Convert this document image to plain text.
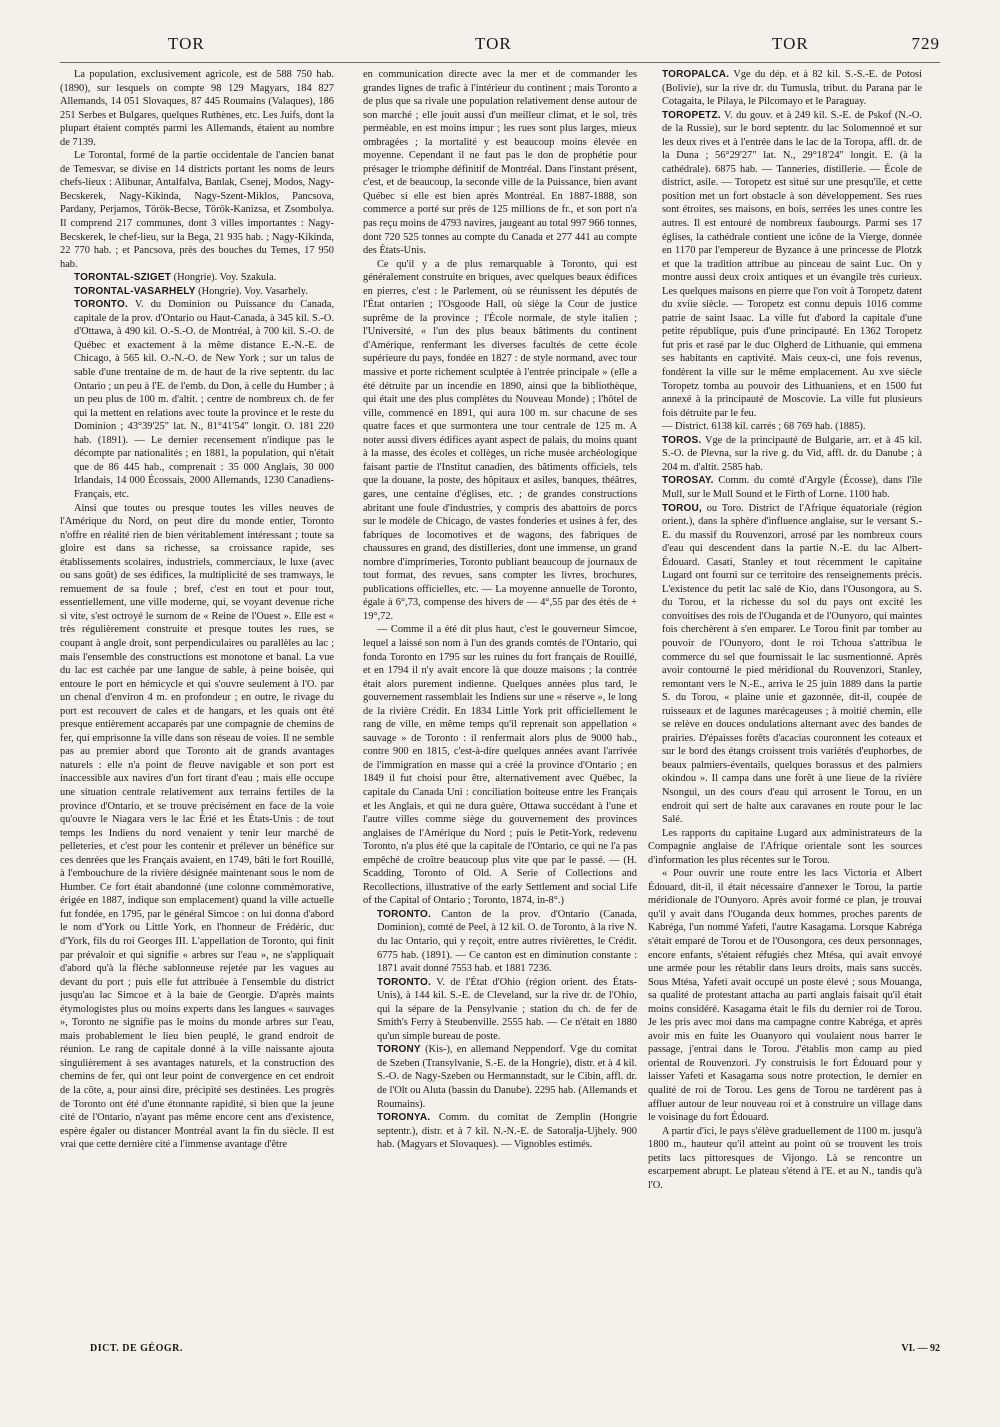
TOR	TOR	TOR	729

La population, exclusivement agricole, est de 588 750 hab. (1890), sur lesquels on compte 98 129 Magyars, 184 827 Allemands, 14 051 Slovaques, 87 445 Roumains (Valaques), 186 251 Serbes et Bulgares, quelques Ruthènes, etc. Les Juifs, dont la plupart étaient comptés parmi les Allemands, étaient au nombre de 7139.

Le Torontal, formé de la partie occidentale de l'ancien banat de Temesvar, se divise en 14 districts portant les noms de leurs chefs-lieux : Alibunar, Antalfalva, Banlak, Csenej, Modos, Nagy-Becskerek, Nagy-Kikinda, Nagy-Szent-Miklos, Pancsova, Pardany, Perjamos, Török-Becse, Török-Kanizsa, et Zsombolya. Il comprend 217 communes, dont 3 villes importantes : Nagy-Becskerek, le chef-lieu, sur la Bega, 21 935 hab. ; Nagy-Kikinda, 22 770 hab. ; et Pancsova, près des bouches du Temes, 17 950 hab.

TORONTAL-SZIGET (Hongrie). Voy. Szakula.

TORONTAL-VASARHELY (Hongrie). Voy. Vasarhely.

TORONTO. V. du Dominion ou Puissance du Canada, capitale de la prov. d'Ontario ou Haut-Canada, à 345 kil. S.-O. d'Ottawa, à 490 kil. O.-S.-O. de Montréal, à 700 kil. S.-O. de Québec et exactement à la même distance E.-N.-E. de Chicago, à 565 kil. O.-N.-O. de New York ; sur un talus de sable d'une trentaine de m. de haut de la rive septentr. du lac Ontario ; un peu à l'E. de l'emb. du Don, à celle du Humber ; à un peu plus de 100 m. d'altit. ; centre de nombreux ch. de fer qui la mettent en relations avec toute la province et le reste du Dominion ; 43°39'25" lat. N., 81°41'54" longit. O. 181 220 hab. (1891). — Le dernier recensement n'indique pas le décompte par nationalités ; en 1881, la population, qui n'était que de 86 445 hab., comprenait : 35 000 Anglais, 30 000 Irlandais, 14 000 Écossais, 2000 Allemands, 1230 Canadiens-Français, etc.

Ainsi que toutes ou presque toutes les villes neuves de l'Amérique du Nord, on peut dire du monde entier, Toronto n'offre en réalité rien de bien véritablement intéressant ; toute sa gloire est dans sa richesse, sa croissance rapide, ses établissements scolaires, industriels, commerciaux, le luxe (avec ou sans goût) de ses édifices, la multiplicité de ses tramways, le remuement de sa foule ; bref, c'est en tout et pour tout, essentiellement, une ville moderne, qui, se voyant devenue riche si vite, s'est octroyé le surnom de « Reine de l'Ouest ». Elle est « très régulièrement construite et presque toutes les rues, se coupant à angle droit, sont perpendiculaires ou parallèles au lac ; mais l'ensemble des constructions est monotone et banal. La vue du lac est cachée par une langue de sable, à peine boisée, qui entoure le port en hémicycle et qui s'ouvre seulement à l'O. par un chenal d'environ 4 m. en profondeur ; en outre, le rivage du port est recouvert de cales et de hangars, et les quais ont été presque entièrement accaparés par une compagnie de chemins de fer, qui emprisonne la ville dans son réseau de voies. Il ne semble pas au premier abord que Toronto ait de grands avantages naturels : elle n'a point de fleuve navigable et son port est inaccessible aux navires d'un fort tirant d'eau ; mais elle occupe une situation centrale relativement aux terrains fertiles de la province d'Ontario, et se trouve précisément en face de la voie qu'ouvre le Niagara vers le lac Érié et les États-Unis : de tout temps les Indiens du nord venaient y tenir leur marché de pelleteries, et c'est pour les contenir et prélever un bénéfice sur ces denrées que les Français avaient, en 1749, bâti le fort Rouillé, à l'embouchure de la rivière désignée maintenant sous le nom de Humber. Ce fort était abandonné (une colonne commémorative, érigée en 1887, indique son emplacement) quand la ville actuelle fut fondée, en 1795, par le général Simcoe : on lui donna d'abord le nom d'York ou Little York, en l'honneur de Frédéric, duc d'York, fils du roi Georges III. L'appellation de Toronto, qui finit par prévaloir et qui signifie « arbres sur l'eau », ne s'appliquait d'abord qu'à la flèche sablonneuse rejetée par les vagues au devant du port ; puis elle fut attribuée à l'ensemble du district jusqu'au lac Simcoe et à la baie de Georgie. D'après maints étymologistes plus ou moins experts dans les langues « sauvages », Toronto ne signifie pas le moins du monde arbres sur l'eau, mais probablement le lieu bien peuplé, le grand endroit de réunion. Le rang de capitale donné à la ville naissante ajouta singulièrement à ses avantages naturels, et la construction des chemins de fer, qui ont leur point de convergence en cet endroit de la côte, a, pour ainsi dire, précipité ses destinées. Les progrès de Toronto ont été d'une étonnante rapidité, si bien que la jeune cité de l'Ontario, n'ayant pas même encore cent ans d'existence, espère égaler ou distancer Montréal avant la fin du siècle. Il est vrai que cette dernière cité a l'immense avantage d'être

en communication directe avec la mer et de commander les grandes lignes de trafic à l'intérieur du continent ; mais Toronto a de plus que sa rivale une population relativement dense autour de son marché ; elle jouit aussi d'un meilleur climat, et le sol, très perméable, en est moins impur ; les rues sont plus larges, mieux ombragées ; la mortalité y est beaucoup moins élevée en moyenne. Cependant il ne faut pas le don de prophétie pour présager le triomphe définitif de Montréal. Dans l'instant présent, c'est, et de beaucoup, la seconde ville de la Puissance, bien avant Québec si elle est bien après Montréal. En 1887-1888, son commerce a porté sur près de 125 millions de fr., et son port n'a pas reçu moins de 4793 navires, jaugeant au total 997 966 tonnes, dont 720 525 tonnes au compte du Canada et 277 441 au compte des États-Unis.

Ce qu'il y a de plus remarquable à Toronto, qui est généralement construite en briques, avec quelques beaux édifices en pierres, c'est : le Parlement, où se réunissent les députés de l'État ontarien ; l'Osgoode Hall, où siège la Cour de justice suprême de la province ; l'École normale, de style italien ; l'Université, « l'un des plus beaux bâtiments du continent d'Amérique, renfermant les diverses facultés de cette école supérieure du pays, fondée en 1827 : de style normand, avec tour massive et porte richement sculptée à l'entrée principale » (elle a été détruite par un incendie en 1890, ainsi que la bibliothèque, qui était une des plus complètes du Nouveau Monde) ; l'hôtel de ville, commencé en 1891, qui aura 100 m. sur chacune de ses quatre faces et que surmontera une tour centrale de 125 m. A noter aussi divers édifices ayant aspect de palais, du moins quant à la masse, des écoles et collèges, un riche musée archéologique faisant partie de l'Institut canadien, des bâtiments officiels, tels que la douane, la poste, des hôpitaux et asiles, banques, théâtres, gares, une centaine d'églises, etc. ; de grandes constructions abritant une foule d'industries, y compris des abattoirs de porcs sur le modèle de Chicago, de vastes fonderies et usines à fer, des fabriques de locomotives et de wagons, des fabriques de chaussures en grand, des distilleries, dont une immense, un grand nombre d'imprimeries, Toronto publiant beaucoup de journaux de tout format, des revues, sans compter les livres, brochures, publications officielles, etc. — La moyenne annuelle de Toronto, égale à 6°,73, compense des hivers de — 4°,55 par des étés de + 19°,72.

— Comme il a été dit plus haut, c'est le gouverneur Simcoe, lequel a laissé son nom à l'un des grands comtés de l'Ontario, qui fonda Toronto en 1795 sur les ruines du fort français de Rouillé, et en 1794 il n'y avait encore là que douze maisons ; la contrée était alors purement indienne. Quelques années plus tard, le gouvernement rassemblait les Indiens sur une « réserve », le long de la rivière Crédit. En 1834 Little York prit officiellement le rang de ville, en même temps qu'il reprenait son appellation « sauvage » de Toronto : il renfermait alors plus de 9000 hab., contre 900 en 1815, c'est-à-dire quelques années avant l'arrivée de l'immigration en masse qui a créé la province d'Ontario ; en 1849 il fut choisi pour être, alternativement avec Québec, la capitale du Canada Uni : conciliation boiteuse entre les Français et les Anglais, et qui ne dura guère, Ottawa succédant à l'une et l'autre villes comme siège du gouvernement des provinces anglaises de l'Amérique du Nord ; puis le Petit-York, redevenu Toronto, n'a plus été que la capitale de l'Ontario, ce qui ne l'a pas empêché de croître beaucoup plus vite que par le passé. — (H. Scadding, Toronto of Old. A Serie of Collections and Recollections, illustrative of the early Settlement and social Life of the Capital of Ontario ; Toronto, 1874, in-8°.)

TORONTO. Canton de la prov. d'Ontario (Canada, Dominion), comté de Peel, à 12 kil. O. de Toronto, à la rive N. du lac Ontario, qui y reçoit, entre autres rivièrettes, le Crédit. 6775 hab. (1891). — Ce canton est en diminution constante : 1871 avait donné 7553 hab. et 1881 7236.

TORONTO. V. de l'État d'Ohio (région orient. des États-Unis), à 144 kil. S.-E. de Cleveland, sur la rive dr. de l'Ohio, qui la sépare de la Pensylvanie ; station du ch. de fer de Smith's Ferry à Steubenville. 2555 hab. — Ce n'était en 1880 qu'un simple bureau de poste.

TORONY (Kis-), en allemand Neppendorf. Vge du comitat de Szeben (Transylvanie, S.-E. de la Hongrie), distr. et à 4 kil. S.-O. de Nagy-Szeben ou Hermannstadt, sur le Cibin, affl. dr. de l'Olt ou Aluta (bassin du Danube). 2295 hab. (Allemands et Roumains).

TORONYA. Comm. du comitat de Zemplin (Hongrie septentr.), distr. et à 7 kil. N.-N.-E. de Satoralja-Ujhely. 900 hab. (Magyars et Slovaques). — Vignobles estimés.

TOROPALCA. Vge du dép. et à 82 kil. S.-S.-E. de Potosi (Bolivie), sur la rive dr. du Tumusla, tribut. du Parana par le Cotagaita, le Pilaya, le Pilcomayo et le Paraguay.

TOROPETZ. V. du gouv. et à 249 kil. S.-E. de Pskof (N.-O. de la Russie), sur le bord septentr. du lac Solomennoé et sur les deux rives et à l'entrée dans le lac de la Toropa, affl. dr. de la Duna ; 56°29'27" lat. N., 29°18'24" longit. E. (à la cathédrale). 6875 hab. — Tanneries, distillerie. — École de district, asile. — Toropetz est situé sur une presqu'île, et cette position met un fort obstacle à son développement. Ses rues sont étroites, ses maisons, en bois, serrées les unes contre les autres. Il est entouré de nombreux faubourgs. Parmi ses 17 églises, la cathédrale contient une icône de la Vierge, donnée en 1170 par l'empereur de Byzance à une princesse de Plotzk et que la tradition attribue au pinceau de saint Luc. On y montre aussi deux croix antiques et un évangile très curieux. Les quelques maisons en pierre que l'on voit à Toropetz datent du xviie siècle. — Toropetz est connu depuis 1016 comme patrie de saint Isaac. La ville fut d'abord la capitale d'une petite république, puis d'une principauté. En 1362 Toropetz fut pris et rasé par le duc Olgherd de Lithuanie, qui emmena ses habitants en captivité. Mais ceux-ci, une fois revenus, fondèrent la ville sur le même emplacement. Au xve siècle Toropetz tomba au pouvoir des Lithuaniens, et en 1500 fut annexé à la principauté de Moscovie. La ville fut plusieurs fois détruite par le feu.

— District. 6138 kil. carrés ; 68 769 hab. (1885).

TOROS. Vge de la principauté de Bulgarie, arr. et à 45 kil. S.-O. de Plevna, sur la rive g. du Vid, affl. dr. du Danube ; à 204 m. d'altit. 2585 hab.

TOROSAY. Comm. du comté d'Argyle (Écosse), dans l'île Mull, sur le Mull Sound et le Firth of Lorne. 1100 hab.

TOROU, ou Toro. District de l'Afrique équatoriale (région orient.), dans la sphère d'influence anglaise, sur le versant S.-E. du massif du Rouvenzori, arrosé par les nombreux cours d'eau qui descendent dans la partie N.-E. du lac Albert-Édouard. Casati, Stanley et tout récemment le capitaine Lugard ont fourni sur ce territoire des renseignements précis. L'existence du petit lac salé de Kio, dans l'Ousongora, au S. du Torou, et la richesse du sol du pays ont excité les convoitises des rois de l'Ouganda et de l'Ounyoro, qui maintes fois cherchèrent à s'en emparer. Le Torou finit par tomber au pouvoir de l'Ounyoro, dont le roi Tchoua s'attribua le commerce du sel que fournissait le lac susmentionné. Après avoir contourné le pied méridional du Rouvenzori, Stanley, remontant vers le N.-E., arriva le 25 juin 1889 dans la partie S. du Torou, « plaine unie et gazonnée, dit-il, coupée de ruisseaux et de lagunes marécageuses ; à moitié chemin, elle se relève en douces ondulations alternant avec des bandes de prairies. D'épaisses forêts d'acacias couronnent les coteaux et sur le bord des étangs croissent trois variétés d'euphorbes, de beaux palmiers-éventails, quelques borassus et des palmiers okindou ». Il campa dans une forêt à une lieue de la rivière Nsongui, un des cours d'eau qui arrosent le Torou, en un endroit qui sert de halte aux caravanes en route pour le lac Salé.

Les rapports du capitaine Lugard aux administrateurs de la Compagnie anglaise de l'Afrique orientale sont les sources d'information les plus récentes sur le Torou.

« Pour ouvrir une route entre les lacs Victoria et Albert Édouard, dit-il, il était nécessaire d'annexer le Torou, la partie méridionale de l'Ounyoro. Après avoir formé ce plan, je trouvai qu'il y avait dans l'Ouganda deux hommes, proches parents de Kabréga, l'un nommé Yafeti, l'autre Kasagama. Lorsque Kabréga s'était emparé de Torou et de l'Ousongora, ces deux personnages, encore enfants, s'étaient réfugiés chez Mtésa, qui avait envoyé une armée pour les rétablir dans leurs droits, mais sans succès. Sous Mtésa, Yafeti avait occupé un poste élevé ; sous Mouanga, sa qualité de protestant attacha au parti anglais faisait qu'il était moins considéré. Kasagama était le fils du dernier roi de Torou. Je les pris avec moi dans ma campagne contre Kabréga, et après avoir mis en fuite les Ouanyoro qui voulaient nous barrer le passage, j'entrai dans le Torou. J'établis mon camp au pied oriental de Rouvenzori. J'y construisis le fort Édouard pour y laisser Yafeti et Kasagama sous notre protection, le dernier en qualité de roi de Torou. Les gens de Torou ne tardèrent pas à affluer autour de leur nouveau roi et à construire un village dans le voisinage du fort Édouard.

A partir d'ici, le pays s'élève graduellement de 1100 m. jusqu'à 1800 m., hauteur qu'il atteint au point où se trouvent les trois petits lacs pittoresques de Vijongo. Là se rencontre un escarpement abrupt. Le plateau s'étend à l'E. et au N., tandis qu'à l'O.

DICT. DE GÉOGR.	VI. — 92
